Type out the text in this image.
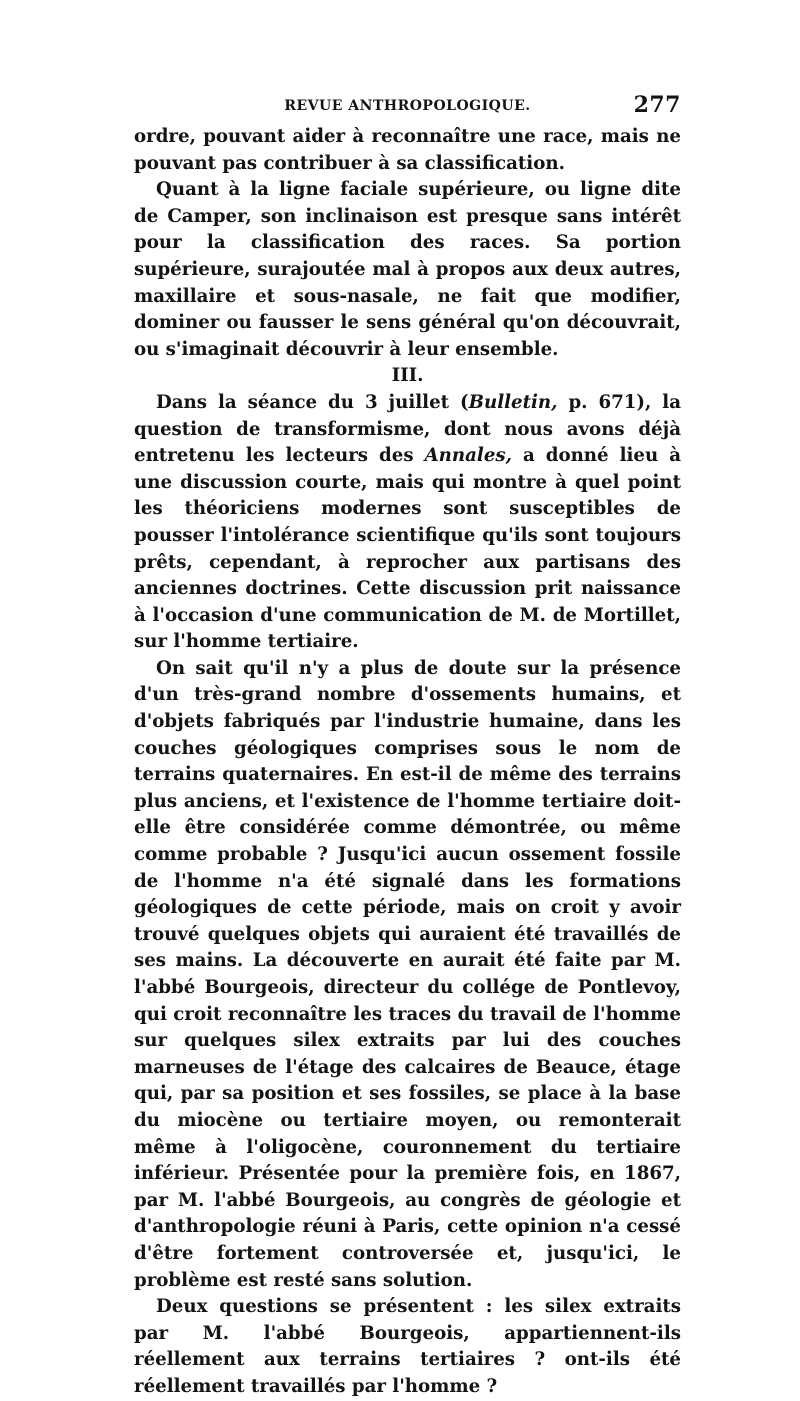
REVUE ANTHROPOLOGIQUE.	277

ordre, pouvant aider à reconnaître une race, mais ne pouvant pas contribuer à sa classification.

Quant à la ligne faciale supérieure, ou ligne dite de Camper, son inclinaison est presque sans intérêt pour la classification des races. Sa portion supérieure, surajoutée mal à propos aux deux autres, maxillaire et sous-nasale, ne fait que modifier, dominer ou fausser le sens général qu'on découvrait, ou s'imaginait découvrir à leur ensemble.

III.

Dans la séance du 3 juillet (Bulletin, p. 671), la question de transformisme, dont nous avons déjà entretenu les lecteurs des Annales, a donné lieu à une discussion courte, mais qui montre à quel point les théoriciens modernes sont susceptibles de pousser l'intolérance scientifique qu'ils sont toujours prêts, cependant, à reprocher aux partisans des anciennes doctrines. Cette discussion prit naissance à l'occasion d'une communication de M. de Mortillet, sur l'homme tertiaire.

On sait qu'il n'y a plus de doute sur la présence d'un très-grand nombre d'ossements humains, et d'objets fabriqués par l'industrie humaine, dans les couches géologiques comprises sous le nom de terrains quaternaires. En est-il de même des terrains plus anciens, et l'existence de l'homme tertiaire doit-elle être considérée comme démontrée, ou même comme probable ? Jusqu'ici aucun ossement fossile de l'homme n'a été signalé dans les formations géologiques de cette période, mais on croit y avoir trouvé quelques objets qui auraient été travaillés de ses mains. La découverte en aurait été faite par M. l'abbé Bourgeois, directeur du collége de Pontlevoy, qui croit reconnaître les traces du travail de l'homme sur quelques silex extraits par lui des couches marneuses de l'étage des calcaires de Beauce, étage qui, par sa position et ses fossiles, se place à la base du miocène ou tertiaire moyen, ou remonterait même à l'oligocène, couronnement du tertiaire inférieur. Présentée pour la première fois, en 1867, par M. l'abbé Bourgeois, au congrès de géologie et d'anthropologie réuni à Paris, cette opinion n'a cessé d'être fortement controversée et, jusqu'ici, le problème est resté sans solution.

Deux questions se présentent : les silex extraits par M. l'abbé Bourgeois, appartiennent-ils réellement aux terrains tertiaires ? ont-ils été réellement travaillés par l'homme ?
